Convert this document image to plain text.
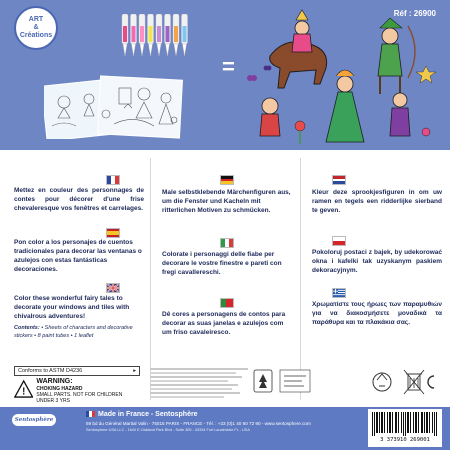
ART
&
Créations
Réf : 26900
=
Mettez en couleur des personnages de contes pour décorer d'une frise chevaleresque vos fenêtres et carrelages.
Pon color a los personajes de cuentos tradicionales para decorar las ventanas o azulejos con estas fantásticas decoraciones.
Color these wonderful fairy tales to decorate your windows and tiles with chivalrous adventures!
Contents: • Sheets of characters and decorative stickers • 8 paint tubes • 1 leaflet
Male selbstklebende Märchenfiguren aus, um die Fenster und Kacheln mit ritterlichen Motiven zu schmücken.
Colorate i personaggi delle fiabe per decorare le vostre finestre e pareti con fregi cavallereschi.
Dê cores a personagens de contos para decorar as suas janelas e azulejos com um friso cavaleiresco.
Kleur deze sprookjesfiguren in om uw ramen en tegels een ridderlijke sierband te geven.
Pokoloruj postaci z bajek, by udekorować okna i kafelki tak uzyskanym paskiem dekoracyjnym.
Χρωματίστε τους ήρωες των παραμυθιών για να διακοσμήσετε μοναδικά τα παράθυρα και τα πλακάκια σας.
Conforms to ASTM D4236	▸
!
WARNING:
CHOKING HAZARD
SMALL PARTS. NOT FOR CHILDREN UNDER 3 YRS
Sentosphère
Made in France - Sentosphère
59 bd du Général Martial Valin - 75015 PARIS - FRANCE - Tél. : +33 (0)1 40 60 72 90 - www.sentosphere.com
Sentosphere USA LLC - 1640 E Oakland Park Blvd - Suite 305 - 33334 Fort Lauderdale FL - USA
3 373910 269001
